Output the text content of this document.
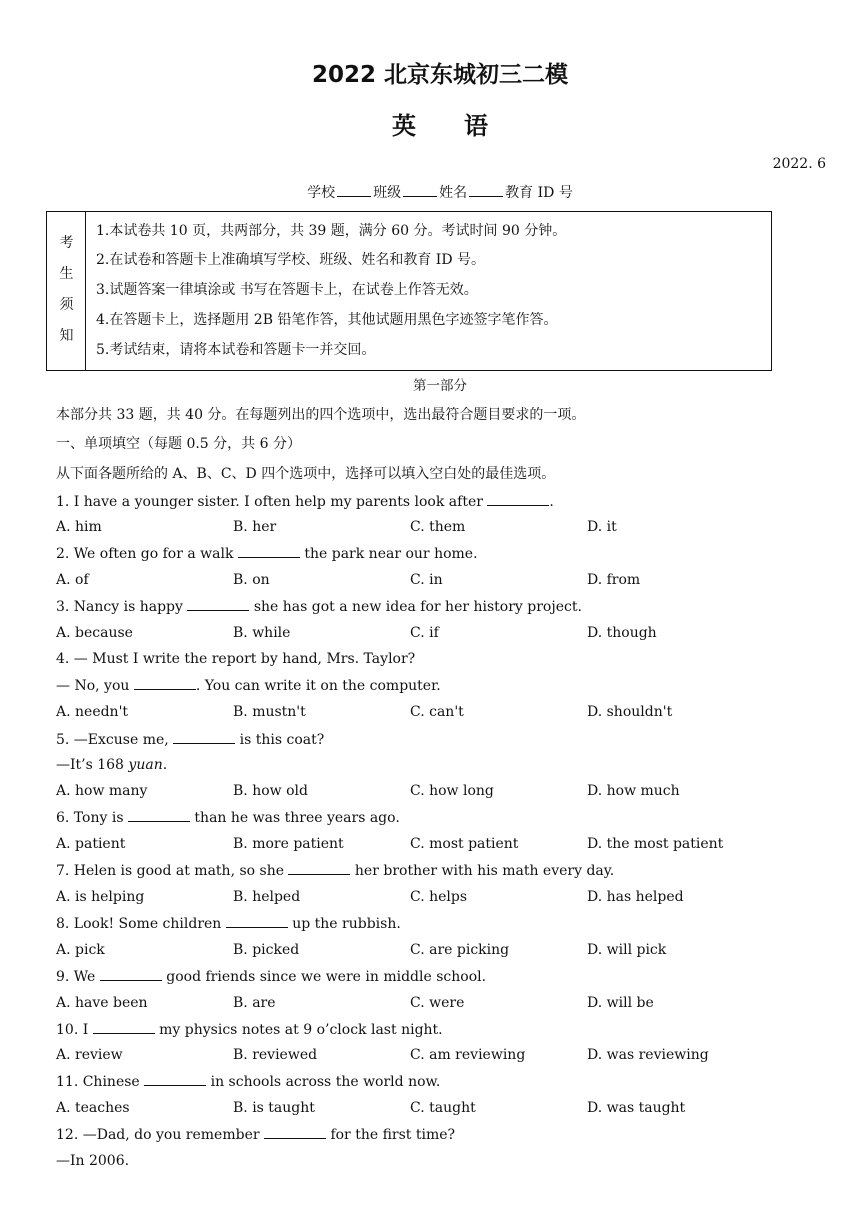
2022 北京东城初三二模
英 语
2022. 6
学校	班级	姓名	教育 ID 号
考
生
须
知
1.本试卷共 10 页，共两部分，共 39 题，满分 60 分。考试时间 90 分钟。
2.在试卷和答题卡上准确填写学校、班级、姓名和教育 ID 号。
3.试题答案一律填涂或 书写在答题卡上，在试卷上作答无效。
4.在答题卡上，选择题用 2B 铅笔作答，其他试题用黑色字迹签字笔作答。
5.考试结束，请将本试卷和答题卡一并交回。
第一部分
本部分共 33 题，共 40 分。在每题列出的四个选项中，选出最符合题目要求的一项。
一、单项填空（每题 0.5 分，共 6 分）
从下面各题所给的 A、B、C、D 四个选项中，选择可以填入空白处的最佳选项。
1. I have a younger sister. I often help my parents look after	.
A. him	B. her	C. them	D. it
2. We often go for a walk	the park near our home.
A. of	B. on	C. in	D. from
3. Nancy is happy	she has got a new idea for her history project.
A. because	B. while	C. if	D. though
4. — Must I write the report by hand, Mrs. Taylor?
— No, you	. You can write it on the computer.
A. needn't	B. mustn't	C. can't	D. shouldn't
5. —Excuse me,	is this coat?
—It’s 168 yuan.
A. how many	B. how old	C. how long	D. how much
6. Tony is	than he was three years ago.
A. patient	B. more patient	C. most patient	D. the most patient
7. Helen is good at math, so she	her brother with his math every day.
A. is helping	B. helped	C. helps	D. has helped
8. Look! Some children	up the rubbish.
A. pick	B. picked	C. are picking	D. will pick
9. We	good friends since we were in middle school.
A. have been	B. are	C. were	D. will be
10. I	my physics notes at 9 o’clock last night.
A. review	B. reviewed	C. am reviewing	D. was reviewing
11. Chinese	in schools across the world now.
A. teaches	B. is taught	C. taught	D. was taught
12. —Dad, do you remember	for the first time?
—In 2006.
